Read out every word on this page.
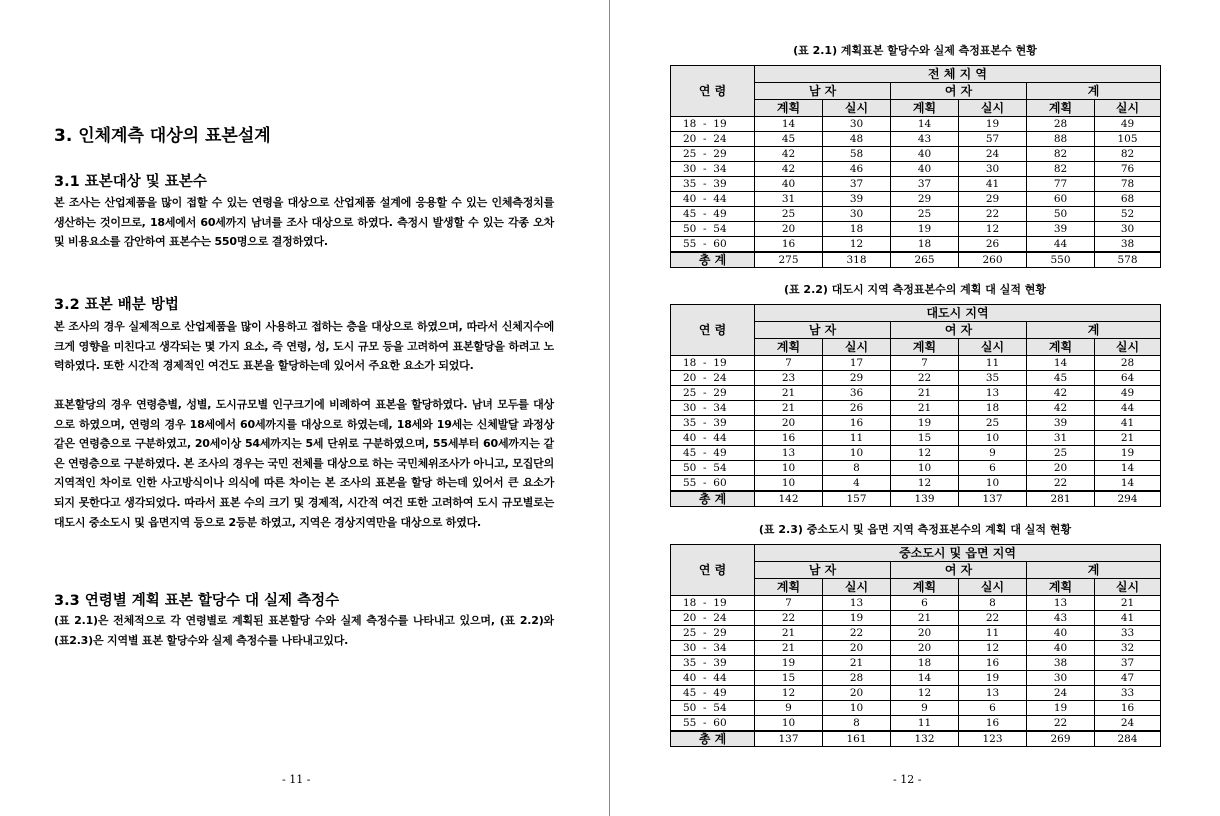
3. 인체계측 대상의 표본설계
3.1 표본대상 및 표본수
본 조사는 산업제품을 많이 접할 수 있는 연령을 대상으로 산업제품 설계에 응용할 수 있는 인체측정치를 생산하는 것이므로, 18세에서 60세까지 남녀를 조사 대상으로 하였다. 측정시 발생할 수 있는 각종 오차 및 비용요소를 감안하여 표본수는 550명으로 결정하였다.
3.2 표본 배분 방법
본 조사의 경우 실제적으로 산업제품을 많이 사용하고 접하는 층을 대상으로 하였으며, 따라서 신체지수에 크게 영향을 미친다고 생각되는 몇 가지 요소, 즉 연령, 성, 도시 규모 등을 고려하여 표본할당을 하려고 노력하였다. 또한 시간적 경제적인 여건도 표본을 할당하는데 있어서 주요한 요소가 되었다.
표본할당의 경우 연령층별, 성별, 도시규모별 인구크기에 비례하여 표본을 할당하였다. 남녀 모두를 대상으로 하였으며, 연령의 경우 18세에서 60세까지를 대상으로 하였는데, 18세와 19세는 신체발달 과정상 같은 연령층으로 구분하였고, 20세이상 54세까지는 5세 단위로 구분하였으며, 55세부터 60세까지는 같은 연령층으로 구분하였다. 본 조사의 경우는 국민 전체를 대상으로 하는 국민체위조사가 아니고, 모집단의 지역적인 차이로 인한 사고방식이나 의식에 따른 차이는 본 조사의 표본을 할당 하는데 있어서 큰 요소가 되지 못한다고 생각되었다. 따라서 표본 수의 크기 및 경제적, 시간적 여건 또한 고려하여 도시 규모별로는 대도시 중소도시 및 읍면지역 등으로 2등분 하였고, 지역은 경상지역만을 대상으로 하였다.
3.3 연령별 계획 표본 할당수 대 실제 측정수
(표 2.1)은 전체적으로 각 연령별로 계획된 표본할당 수와 실제 측정수를 나타내고 있으며, (표 2.2)와 (표2.3)은 지역별 표본 할당수와 실제 측정수를 나타내고있다.
- 11 -	- 12 -
(표 2.1) 계획표본 할당수와 실제 측정표본수 현황
연 령	전 체 지 역					
	남 자		여 자		계	
	계획	실시	계획	실시	계획	실시
18  -  19	14	30	14	19	28	49
20  -  24	45	48	43	57	88	105
25  -  29	42	58	40	24	82	82
30  -  34	42	46	40	30	82	76
35  -  39	40	37	37	41	77	78
40  -  44	31	39	29	29	60	68
45  -  49	25	30	25	22	50	52
50  -  54	20	18	19	12	39	30
55  -  60	16	12	18	26	44	38
총 계	275	318	265	260	550	578
(표 2.2) 대도시 지역 측정표본수의 계획 대 실적 현황
연 령	대도시 지역					
	남 자		여 자		계	
	계획	실시	계획	실시	계획	실시
18  -  19	7	17	7	11	14	28
20  -  24	23	29	22	35	45	64
25  -  29	21	36	21	13	42	49
30  -  34	21	26	21	18	42	44
35  -  39	20	16	19	25	39	41
40  -  44	16	11	15	10	31	21
45  -  49	13	10	12	9	25	19
50  -  54	10	8	10	6	20	14
55  -  60	10	4	12	10	22	14
총 계	142	157	139	137	281	294
(표 2.3) 중소도시 및 읍면 지역 측정표본수의 계획 대 실적 현황
연 령	중소도시 및 읍면 지역					
	남 자		여 자		계	
	계획	실시	계획	실시	계획	실시
18  -  19	7	13	6	8	13	21
20  -  24	22	19	21	22	43	41
25  -  29	21	22	20	11	40	33
30  -  34	21	20	20	12	40	32
35  -  39	19	21	18	16	38	37
40  -  44	15	28	14	19	30	47
45  -  49	12	20	12	13	24	33
50  -  54	9	10	9	6	19	16
55  -  60	10	8	11	16	22	24
총 계	137	161	132	123	269	284
